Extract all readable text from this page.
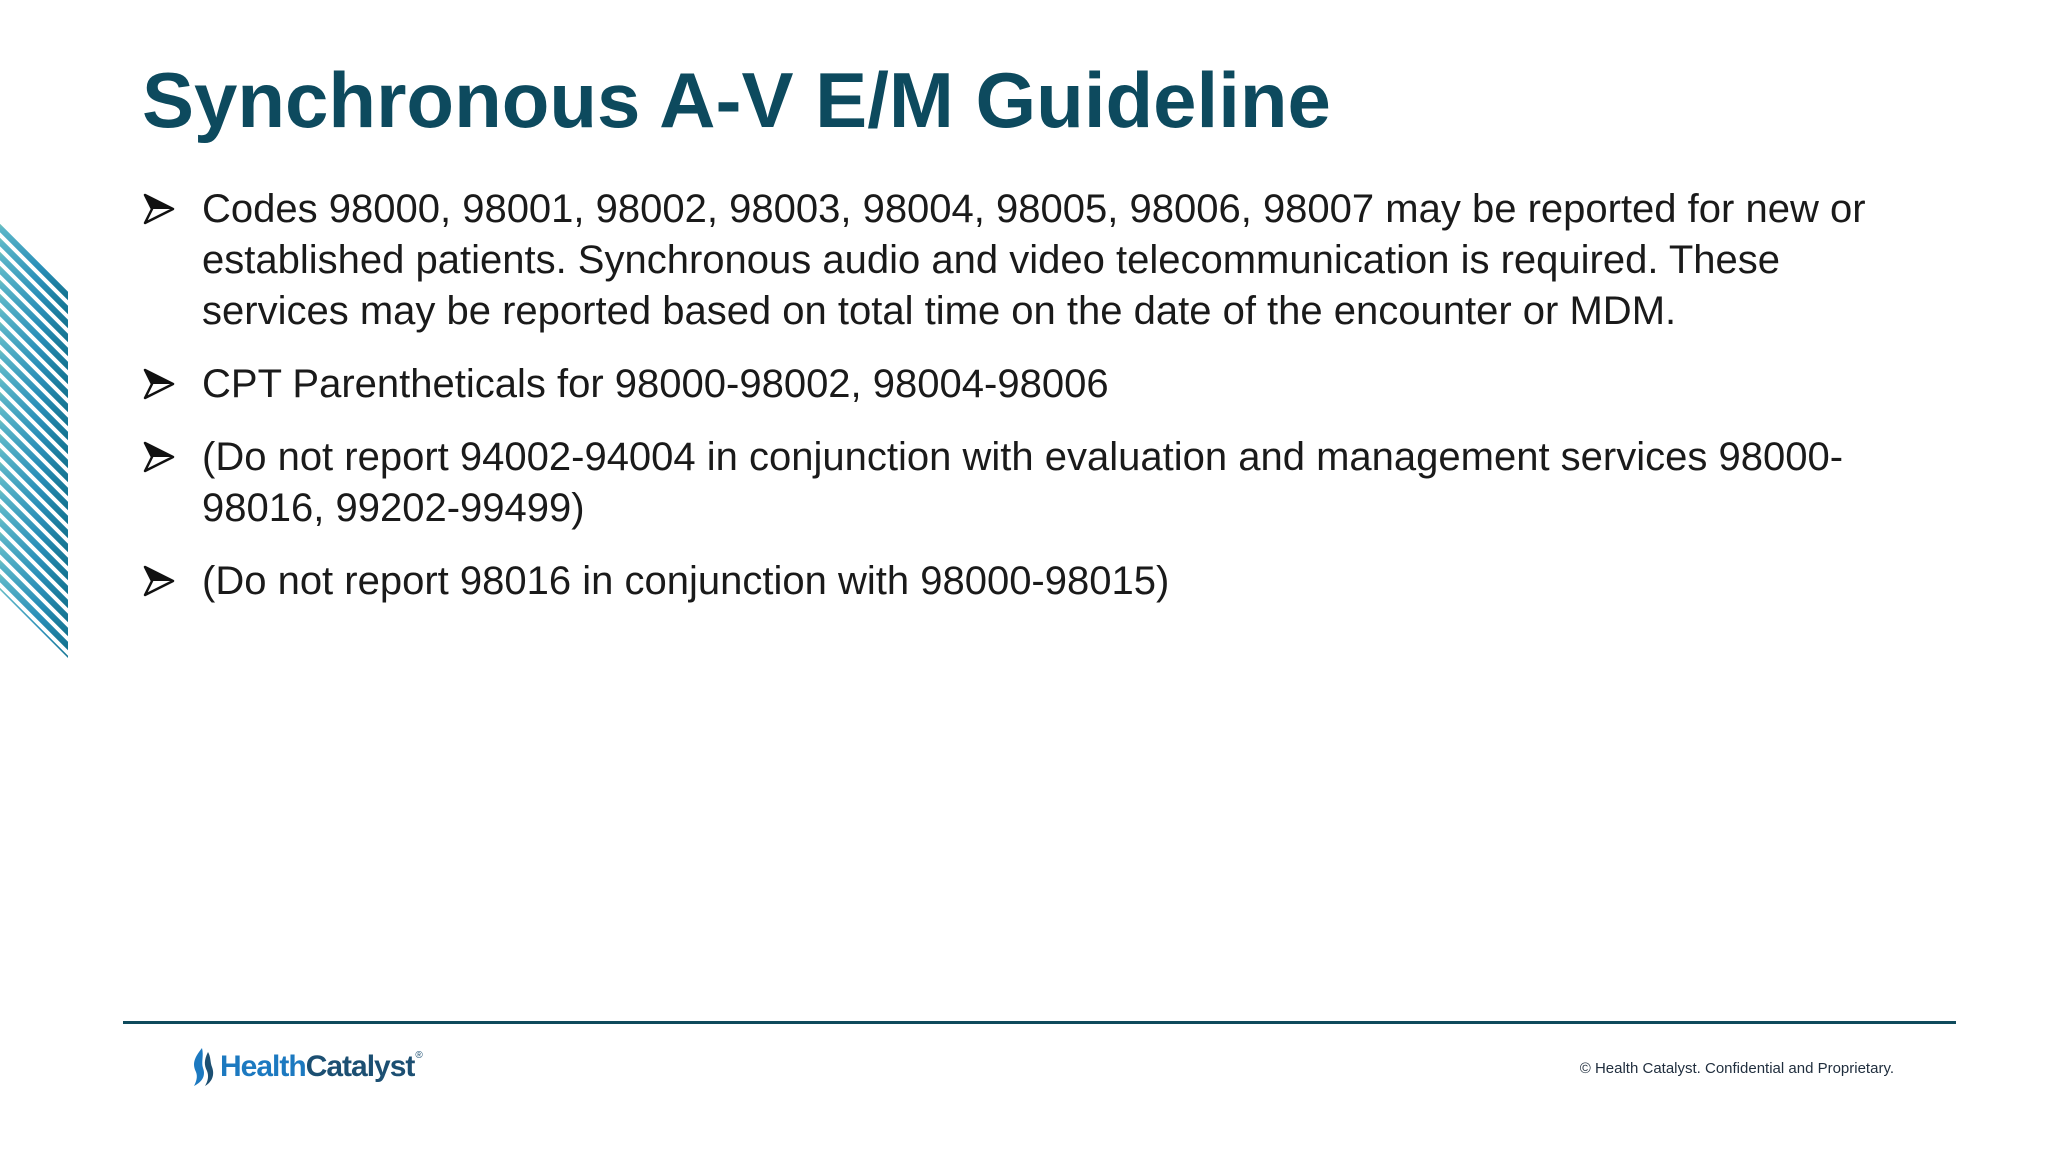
Synchronous A-V E/M Guideline
Codes 98000, 98001, 98002, 98003, 98004, 98005, 98006, 98007 may be reported for new or established patients. Synchronous audio and video telecommunication is required. These services may be reported based on total time on the date of the encounter or MDM.
CPT Parentheticals for 98000-98002, 98004-98006
(Do not report 94002-94004 in conjunction with evaluation and management services 98000-98016, 99202-99499)
(Do not report 98016 in conjunction with 98000-98015)
HealthCatalyst ®
© Health Catalyst. Confidential and Proprietary.
